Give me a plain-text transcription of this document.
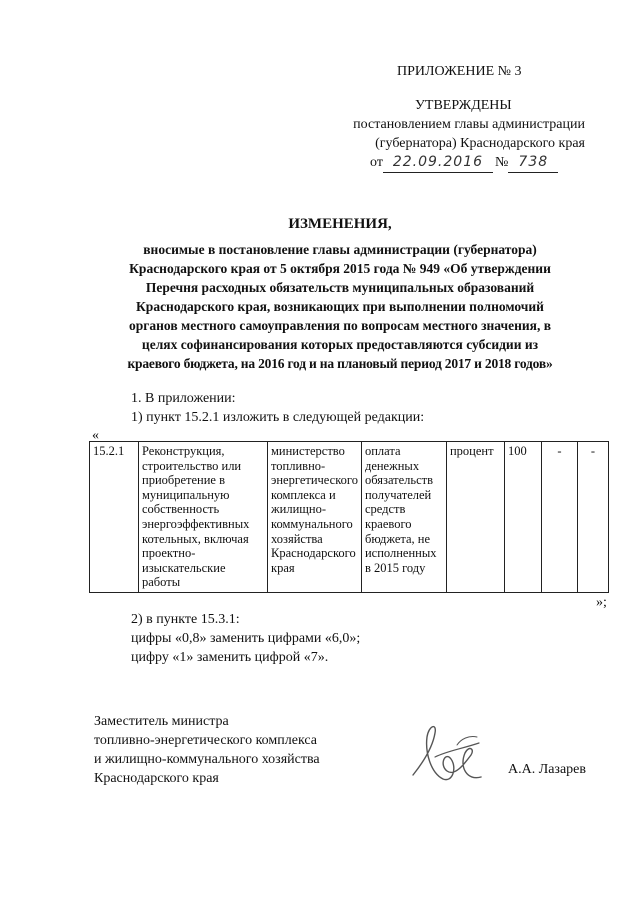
ПРИЛОЖЕНИЕ № 3
УТВЕРЖДЕНЫ
постановлением главы администрации
(губернатора) Краснодарского края
от 22.09.2016 № 738
ИЗМЕНЕНИЯ,
вносимые в постановление главы администрации (губернатора)
Краснодарского края от 5 октября 2015 года № 949 «Об утверждении
Перечня расходных обязательств муниципальных образований
Краснодарского края, возникающих при выполнении полномочий
органов местного самоуправления по вопросам местного значения, в
целях софинансирования которых предоставляются субсидии из
краевого бюджета, на 2016 год и на плановый период 2017 и 2018 годов»
1. В приложении:
1) пункт 15.2.1 изложить в следующей редакции:
«
15.2.1	Реконструкция, строительство или приобретение в муниципальную собственность энергоэффективных котельных, включая проектно-изыскательские работы	министерство топливно-энергетического комплекса и жилищно-коммунального хозяйства Краснодарского края	оплата денежных обязательств получателей средств краевого бюджета, не исполненных в 2015 году	процент	100	-	-
»;
2) в пункте 15.3.1:
цифры «0,8» заменить цифрами «6,0»;
цифру «1» заменить цифрой «7».
Заместитель министра
топливно-энергетического комплекса
и жилищно-коммунального хозяйства
Краснодарского края
А.А. Лазарев
